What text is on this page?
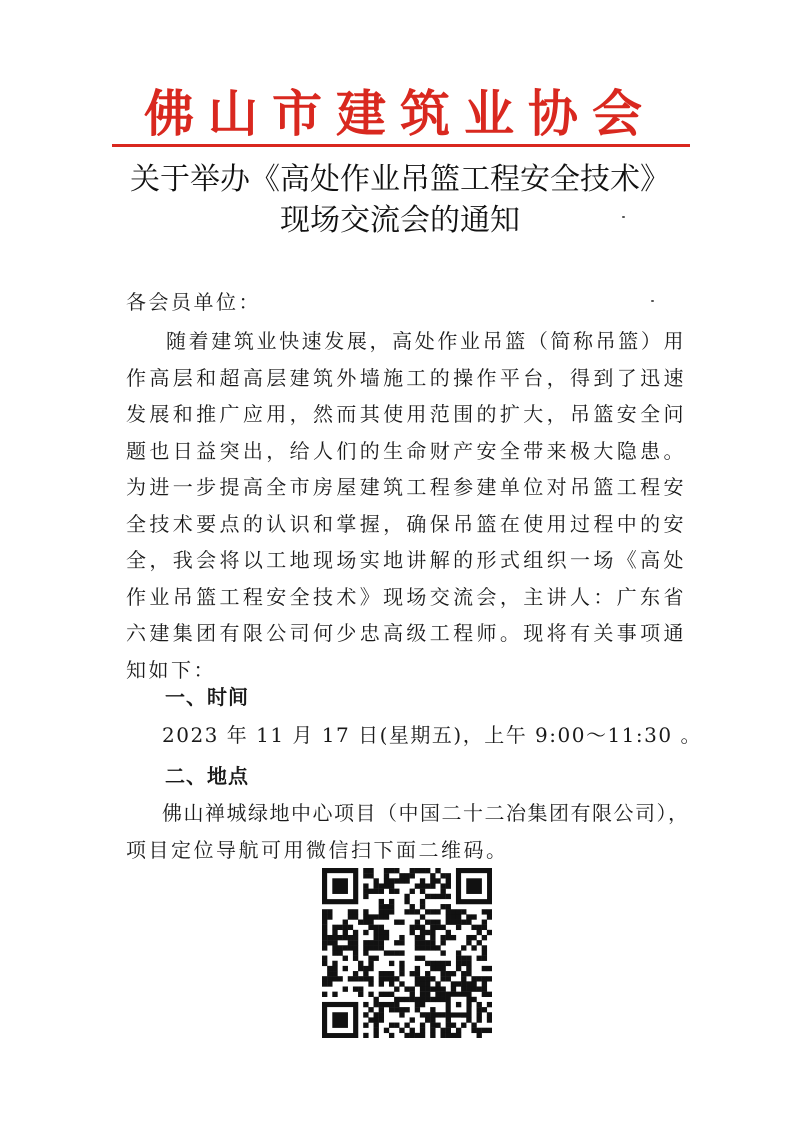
佛山市建筑业协会
关于举办《高处作业吊篮工程安全技术》
现场交流会的通知
各会员单位：
随着建筑业快速发展，高处作业吊篮（简称吊篮）用作高层和超高层建筑外墙施工的操作平台，得到了迅速发展和推广应用，然而其使用范围的扩大，吊篮安全问题也日益突出，给人们的生命财产安全带来极大隐患。为进一步提高全市房屋建筑工程参建单位对吊篮工程安全技术要点的认识和掌握，确保吊篮在使用过程中的安全，我会将以工地现场实地讲解的形式组织一场《高处作业吊篮工程安全技术》现场交流会，主讲人：广东省六建集团有限公司何少忠高级工程师。现将有关事项通知如下：
一、时间
2023 年 11 月 17 日(星期五)，上午 9:00～11:30 。
二、地点
佛山禅城绿地中心项目（中国二十二冶集团有限公司），
项目定位导航可用微信扫下面二维码。
